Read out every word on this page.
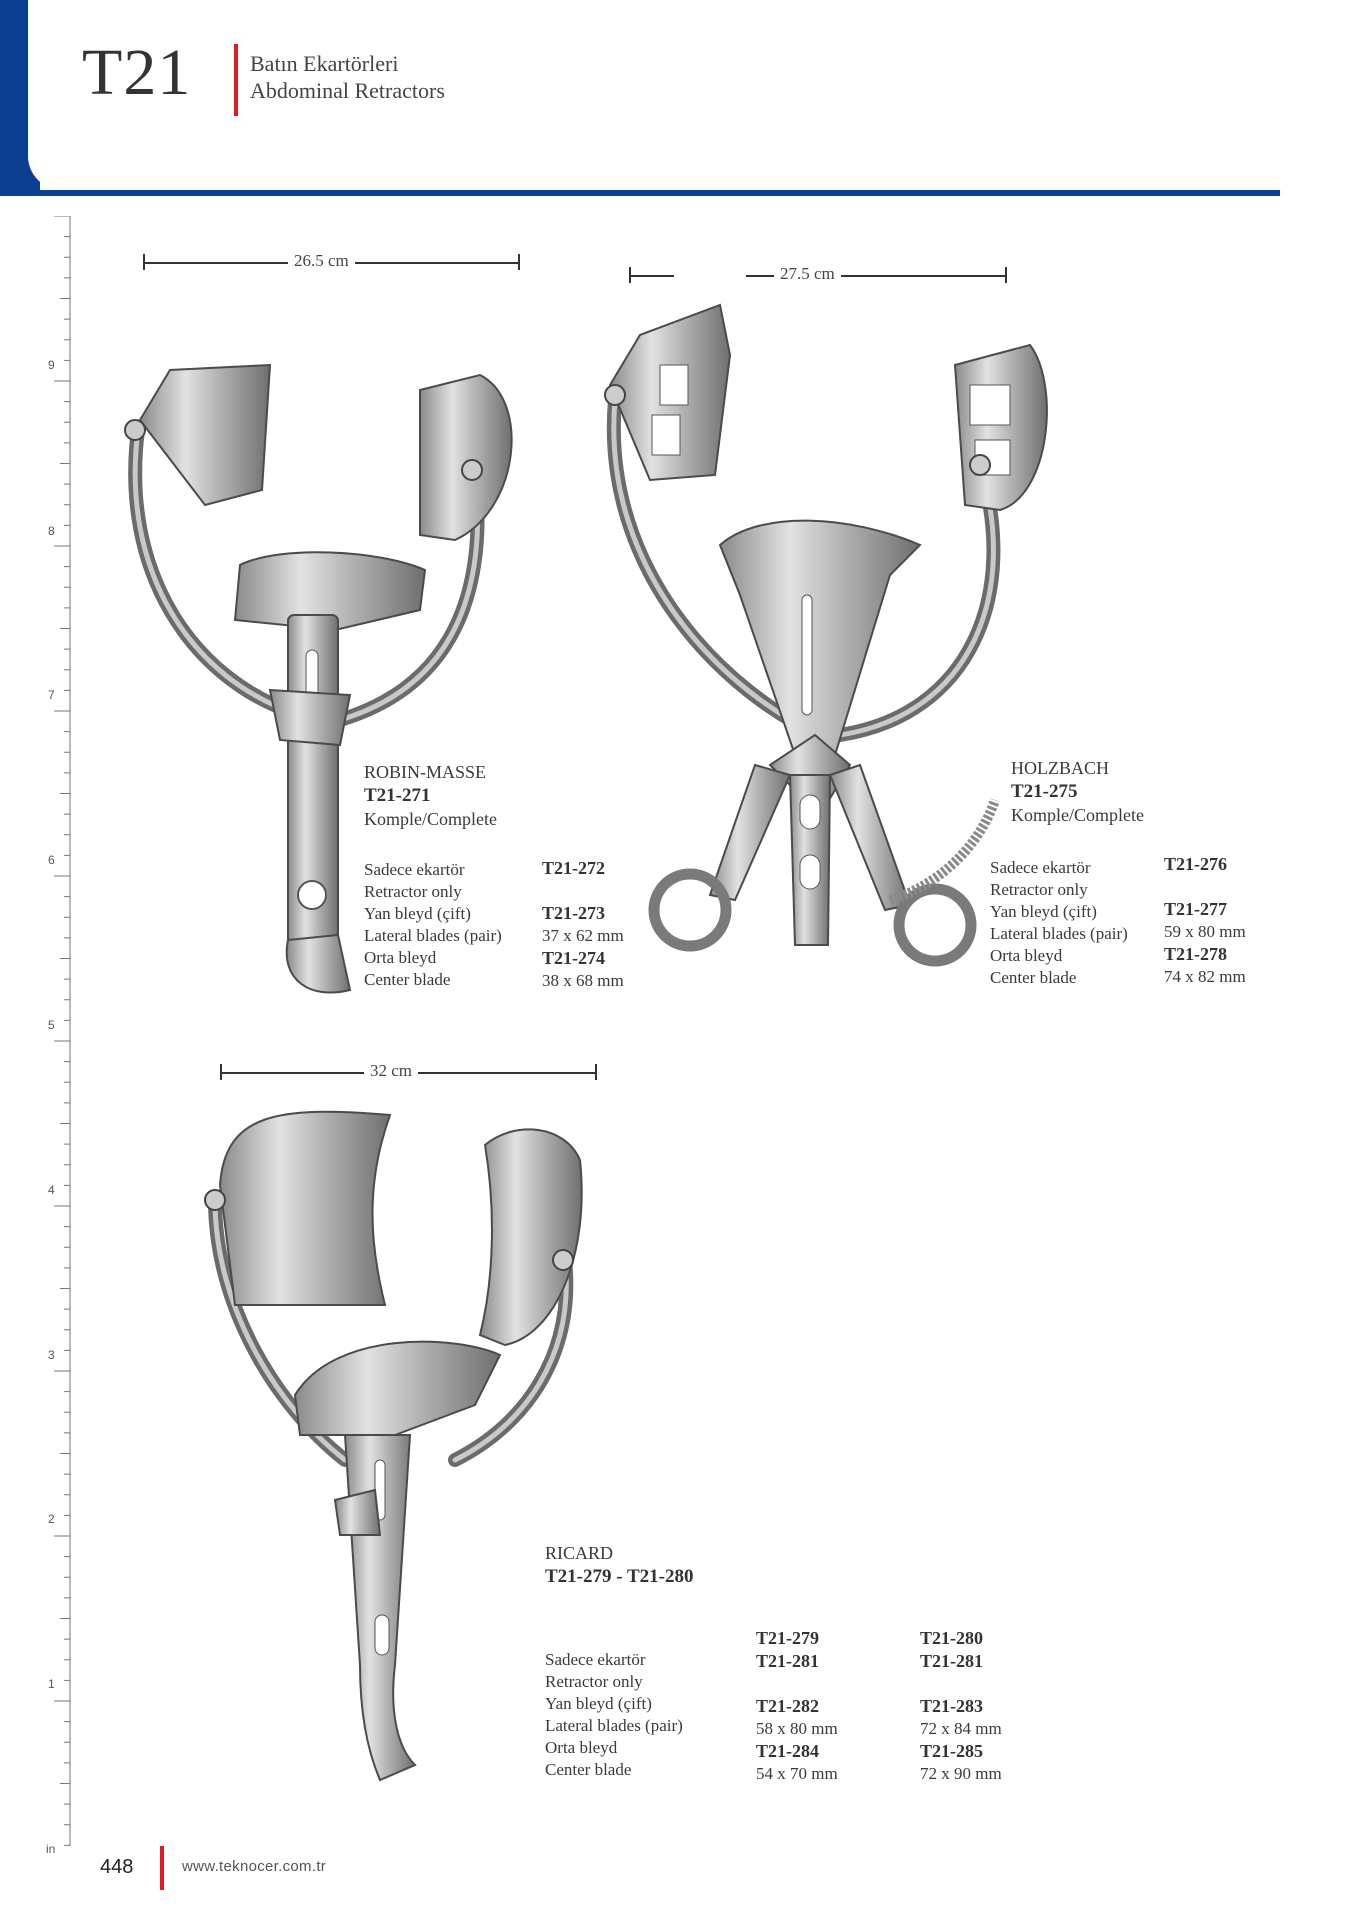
T21	Batın Ekartörleri
Abdominal Retractors
9
8
7
6
5
4
3
2
1
in
26.5 cm
27.5 cm
32 cm
ROBIN-MASSE
T21-271
Komple/Complete
Sadece ekartör
Retractor only
Yan bleyd (çift)
Lateral blades (pair)
Orta bleyd
Center blade
T21-272

T21-273
37 x 62 mm
T21-274
38 x 68 mm
HOLZBACH
T21-275
Komple/Complete
Sadece ekartör
Retractor only
Yan bleyd (çift)
Lateral blades (pair)
Orta bleyd
Center blade
T21-276

T21-277
59 x 80 mm
T21-278
74 x 82 mm
RICARD
T21-279 - T21-280
Sadece ekartör
Retractor only
Yan bleyd (çift)
Lateral blades (pair)
Orta bleyd
Center blade
T21-279
T21-281

T21-282
58 x 80 mm
T21-284
54 x 70 mm
T21-280
T21-281

T21-283
72 x 84 mm
T21-285
72 x 90 mm
448	www.teknocer.com.tr
